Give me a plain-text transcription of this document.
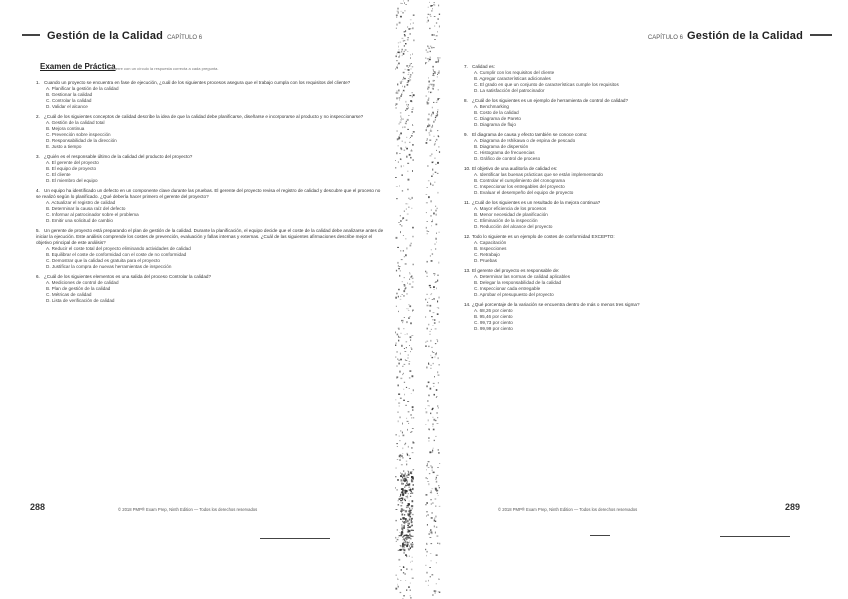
Gestión de la Calidad CAPÍTULO 6
Examen de Práctica
Encierre con un círculo la respuesta correcta a cada pregunta.
1. Cuando un proyecto se encuentra en fase de ejecución, ¿cuál de los siguientes procesos asegura que el trabajo cumpla con los requisitos del cliente?
A. Planificar la gestión de la calidad
B. Gestionar la calidad
C. Controlar la calidad
D. Validar el alcance
2. ¿Cuál de los siguientes conceptos de calidad describe la idea de que la calidad debe planificarse, diseñarse e incorporarse al producto y no inspeccionarse?
A. Gestión de la calidad total
B. Mejora continua
C. Prevención sobre inspección
D. Responsabilidad de la dirección
E. Justo a tiempo
3. ¿Quién es el responsable último de la calidad del producto del proyecto?
A. El gerente del proyecto
B. El equipo de proyecto
C. El cliente
D. El miembro del equipo
4. Un equipo ha identificado un defecto en un componente clave durante las pruebas. El gerente del proyecto revisa el registro de calidad y descubre que el proceso no se realizó según lo planificado. ¿Qué debería hacer primero el gerente del proyecto?
A. Actualizar el registro de calidad
B. Determinar la causa raíz del defecto
C. Informar al patrocinador sobre el problema
D. Emitir una solicitud de cambio
5. Un gerente de proyecto está preparando el plan de gestión de la calidad. Durante la planificación, el equipo decide que el coste de la calidad debe analizarse antes de iniciar la ejecución. Este análisis comprende los costes de prevención, evaluación y fallas internas y externas. ¿Cuál de las siguientes afirmaciones describe mejor el objetivo principal de este análisis?
A. Reducir el coste total del proyecto eliminando actividades de calidad
B. Equilibrar el coste de conformidad con el coste de no conformidad
C. Demostrar que la calidad es gratuita para el proyecto
D. Justificar la compra de nuevas herramientas de inspección
6. ¿Cuál de los siguientes elementos es una salida del proceso Controlar la calidad?
A. Mediciones de control de calidad
B. Plan de gestión de la calidad
C. Métricas de calidad
D. Lista de verificación de calidad
288	© 2018 PMP® Exam Prep, Ninth Edition — Todos los derechos reservados
CAPÍTULO 6 Gestión de la Calidad
7. Calidad es:
A. Cumplir con los requisitos del cliente
B. Agregar características adicionales
C. El grado en que un conjunto de características cumple los requisitos
D. La satisfacción del patrocinador
8. ¿Cuál de los siguientes es un ejemplo de herramienta de control de calidad?
A. Benchmarking
B. Costo de la calidad
C. Diagrama de Pareto
D. Diagrama de flujo
9. El diagrama de causa y efecto también se conoce como:
A. Diagrama de Ishikawa o de espina de pescado
B. Diagrama de dispersión
C. Histograma de frecuencias
D. Gráfico de control de proceso
10. El objetivo de una auditoría de calidad es:
A. Identificar las buenas prácticas que se están implementando
B. Controlar el cumplimiento del cronograma
C. Inspeccionar los entregables del proyecto
D. Evaluar el desempeño del equipo de proyecto
11. ¿Cuál de los siguientes es un resultado de la mejora continua?
A. Mayor eficiencia de los procesos
B. Menor necesidad de planificación
C. Eliminación de la inspección
D. Reducción del alcance del proyecto
12. Todo lo siguiente es un ejemplo de costes de conformidad EXCEPTO:
A. Capacitación
B. Inspecciones
C. Retrabajo
D. Pruebas
13. El gerente del proyecto es responsable de:
A. Determinar las normas de calidad aplicables
B. Delegar la responsabilidad de la calidad
C. Inspeccionar cada entregable
D. Aprobar el presupuesto del proyecto
14. ¿Qué porcentaje de la variación se encuentra dentro de más o menos tres sigma?
A. 68,26 por ciento
B. 95,46 por ciento
C. 99,73 por ciento
D. 99,99 por ciento
289
© 2018 PMP® Exam Prep, Ninth Edition — Todos los derechos reservados
